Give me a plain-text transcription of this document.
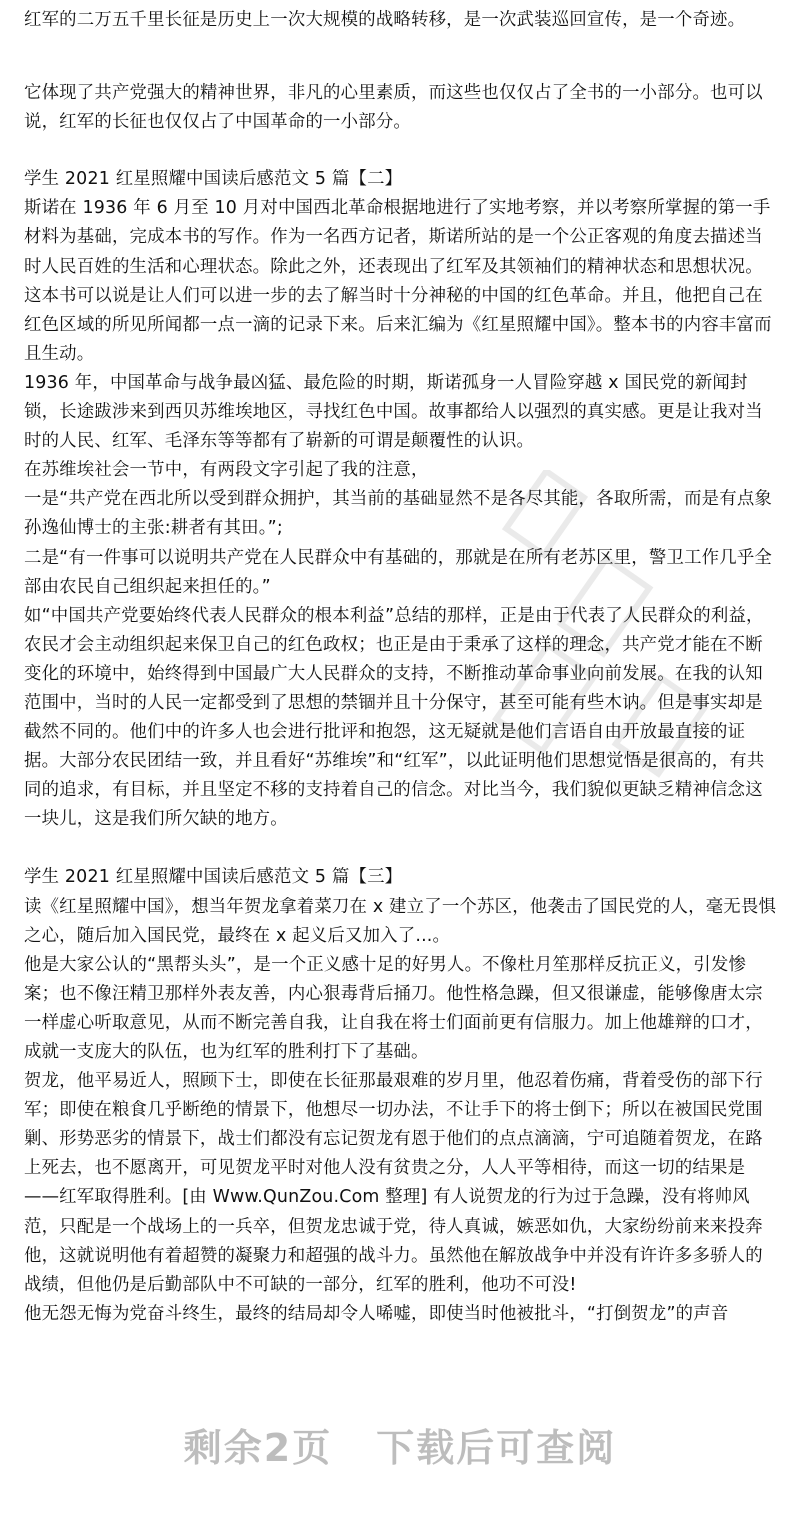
红军的二万五千里长征是历史上一次大规模的战略转移，是一次武装巡回宣传，是一个奇迹。

它体现了共产党强大的精神世界，非凡的心里素质，而这些也仅仅占了全书的一小部分。也可以说，红军的长征也仅仅占了中国革命的一小部分。

学生 2021 红星照耀中国读后感范文 5 篇【二】

斯诺在 1936 年 6 月至 10 月对中国西北革命根据地进行了实地考察，并以考察所掌握的第一手材料为基础，完成本书的写作。作为一名西方记者，斯诺所站的是一个公正客观的角度去描述当时人民百姓的生活和心理状态。除此之外，还表现出了红军及其领袖们的精神状态和思想状况。这本书可以说是让人们可以进一步的去了解当时十分神秘的中国的红色革命。并且，他把自己在红色区域的所见所闻都一点一滴的记录下来。后来汇编为《红星照耀中国》。整本书的内容丰富而且生动。

1936 年，中国革命与战争最凶猛、最危险的时期，斯诺孤身一人冒险穿越 x 国民党的新闻封锁，长途跋涉来到西贝苏维埃地区，寻找红色中国。故事都给人以强烈的真实感。更是让我对当时的人民、红军、毛泽东等等都有了崭新的可谓是颠覆性的认识。

在苏维埃社会一节中，有两段文字引起了我的注意，

一是“共产党在西北所以受到群众拥护，其当前的基础显然不是各尽其能，各取所需，而是有点象孙逸仙博士的主张:耕者有其田。”;

二是“有一件事可以说明共产党在人民群众中有基础的，那就是在所有老苏区里，警卫工作几乎全部由农民自己组织起来担任的。”

如“中国共产党要始终代表人民群众的根本利益”总结的那样，正是由于代表了人民群众的利益，农民才会主动组织起来保卫自己的红色政权；也正是由于秉承了这样的理念，共产党才能在不断变化的环境中，始终得到中国最广大人民群众的支持，不断推动革命事业向前发展。在我的认知范围中，当时的人民一定都受到了思想的禁锢并且十分保守，甚至可能有些木讷。但是事实却是截然不同的。他们中的许多人也会进行批评和抱怨，这无疑就是他们言语自由开放最直接的证据。大部分农民团结一致，并且看好“苏维埃”和“红军”，以此证明他们思想觉悟是很高的，有共同的追求，有目标，并且坚定不移的支持着自己的信念。对比当今，我们貌似更缺乏精神信念这一块儿，这是我们所欠缺的地方。

学生 2021 红星照耀中国读后感范文 5 篇【三】

读《红星照耀中国》，想当年贺龙拿着菜刀在 x 建立了一个苏区，他袭击了国民党的人，毫无畏惧之心，随后加入国民党，最终在 x 起义后又加入了...。

他是大家公认的“黑帮头头”，是一个正义感十足的好男人。不像杜月笙那样反抗正义，引发惨案；也不像汪精卫那样外表友善，内心狠毒背后捅刀。他性格急躁，但又很谦虚，能够像唐太宗一样虚心听取意见，从而不断完善自我，让自我在将士们面前更有信服力。加上他雄辩的口才，成就一支庞大的队伍，也为红军的胜利打下了基础。

贺龙，他平易近人，照顾下士，即使在长征那最艰难的岁月里，他忍着伤痛，背着受伤的部下行军；即使在粮食几乎断绝的情景下，他想尽一切办法，不让手下的将士倒下；所以在被国民党围剿、形势恶劣的情景下，战士们都没有忘记贺龙有恩于他们的点点滴滴，宁可追随着贺龙，在路上死去，也不愿离开，可见贺龙平时对他人没有贫贵之分，人人平等相待，而这一切的结果是——红军取得胜利。[由 Www.QunZou.Com 整理] 有人说贺龙的行为过于急躁，没有将帅风范，只配是一个战场上的一兵卒，但贺龙忠诚于党，待人真诚，嫉恶如仇，大家纷纷前来来投奔他，这就说明他有着超赞的凝聚力和超强的战斗力。虽然他在解放战争中并没有许许多多骄人的战绩，但他仍是后勤部队中不可缺的一部分，红军的胜利，他功不可没!

他无怨无悔为党奋斗终生，最终的结局却令人唏嘘，即使当时他被批斗，“打倒贺龙”的声音

剩余2页 下载后可查阅
